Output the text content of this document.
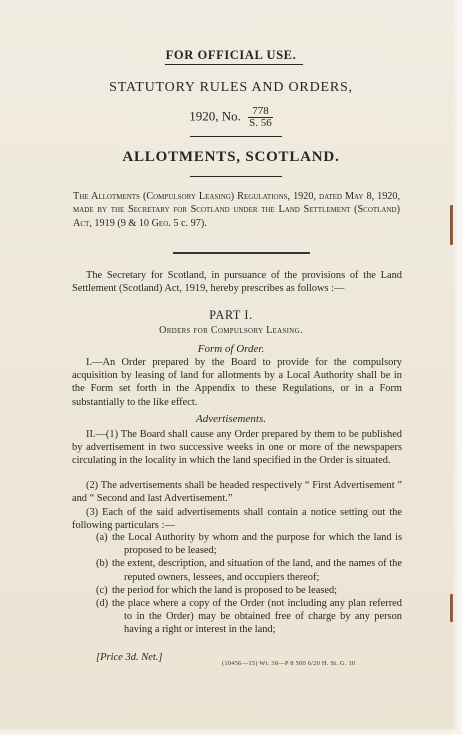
FOR OFFICIAL USE.
STATUTORY RULES AND ORDERS,
1920, No. $\frac{778}{S. 56}$
ALLOTMENTS, SCOTLAND.
The Allotments (Compulsory Leasing) Regulations, 1920, dated May 8, 1920, made by the Secretary for Scotland under the Land Settlement (Scotland) Act, 1919 (9 & 10 Geo. 5 c. 97).
The Secretary for Scotland, in pursuance of the provisions of the Land Settlement (Scotland) Act, 1919, hereby prescribes as follows :—
PART I.
Orders for Compulsory Leasing.
Form of Order.
I.—An Order prepared by the Board to provide for the compulsory acquisition by leasing of land for allotments by a Local Authority shall be in the Form set forth in the Appendix to these Regulations, or in a Form substantially to the like effect.
Advertisements.
II.—(1) The Board shall cause any Order prepared by them to be published by advertisement in two successive weeks in one or more of the newspapers circulating in the locality in which the land specified in the Order is situated.
(2) The advertisements shall be headed respectively “ First Advertisement ” and “ Second and last Advertisement.”
(3) Each of the said advertisements shall contain a notice setting out the following particulars :—
(a) the Local Authority by whom and the purpose for which the land is proposed to be leased;
(b) the extent, description, and situation of the land, and the names of the reputed owners, lessees, and occupiers thereof;
(c) the period for which the land is proposed to be leased;
(d) the place where a copy of the Order (not including any plan referred to in the Order) may be obtained free of charge by any person having a right or interest in the land;
[Price 3d. Net.]
(10456—15) Wt. 38—P 8 500 6/20 H. St. G. 10
